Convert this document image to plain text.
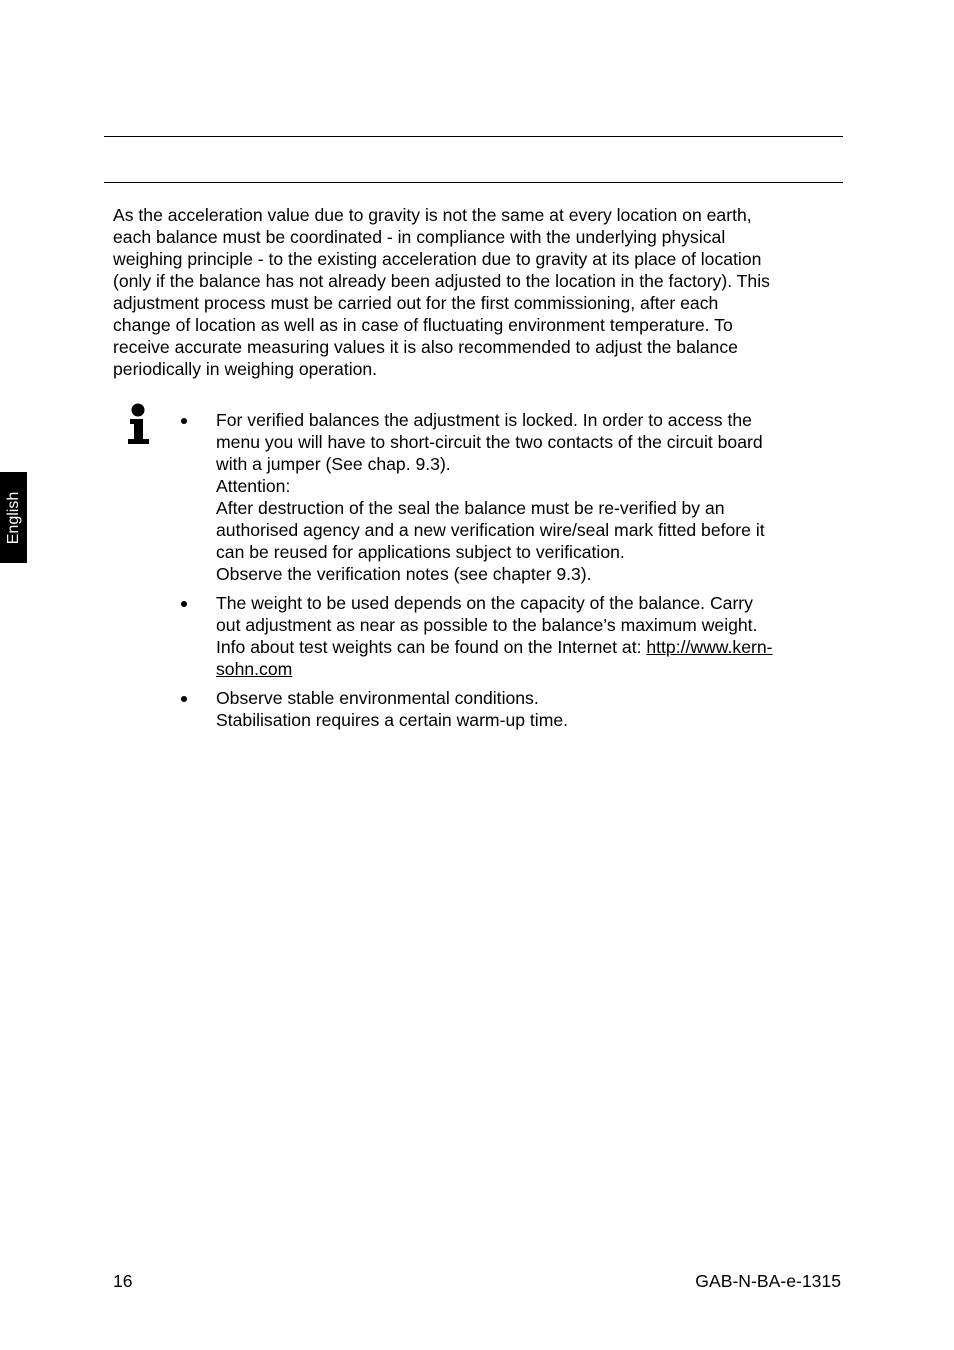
English

As the acceleration value due to gravity is not the same at every location on earth,
each balance must be coordinated - in compliance with the underlying physical
weighing principle - to the existing acceleration due to gravity at its place of location
(only if the balance has not already been adjusted to the location in the factory). This
adjustment process must be carried out for the first commissioning, after each
change of location as well as in case of fluctuating environment temperature. To
receive accurate measuring values it is also recommended to adjust the balance
periodically in weighing operation.

For verified balances the adjustment is locked. In order to access the
menu you will have to short-circuit the two contacts of the circuit board
with a jumper (See chap. 9.3).
Attention:
After destruction of the seal the balance must be re-verified by an
authorised agency and a new verification wire/seal mark fitted before it
can be reused for applications subject to verification.
Observe the verification notes (see chapter 9.3).
The weight to be used depends on the capacity of the balance. Carry
out adjustment as near as possible to the balance’s maximum weight.
Info about test weights can be found on the Internet at: http://www.kern-
sohn.com
Observe stable environmental conditions.
Stabilisation requires a certain warm-up time.
16	GAB-N-BA-e-1315
